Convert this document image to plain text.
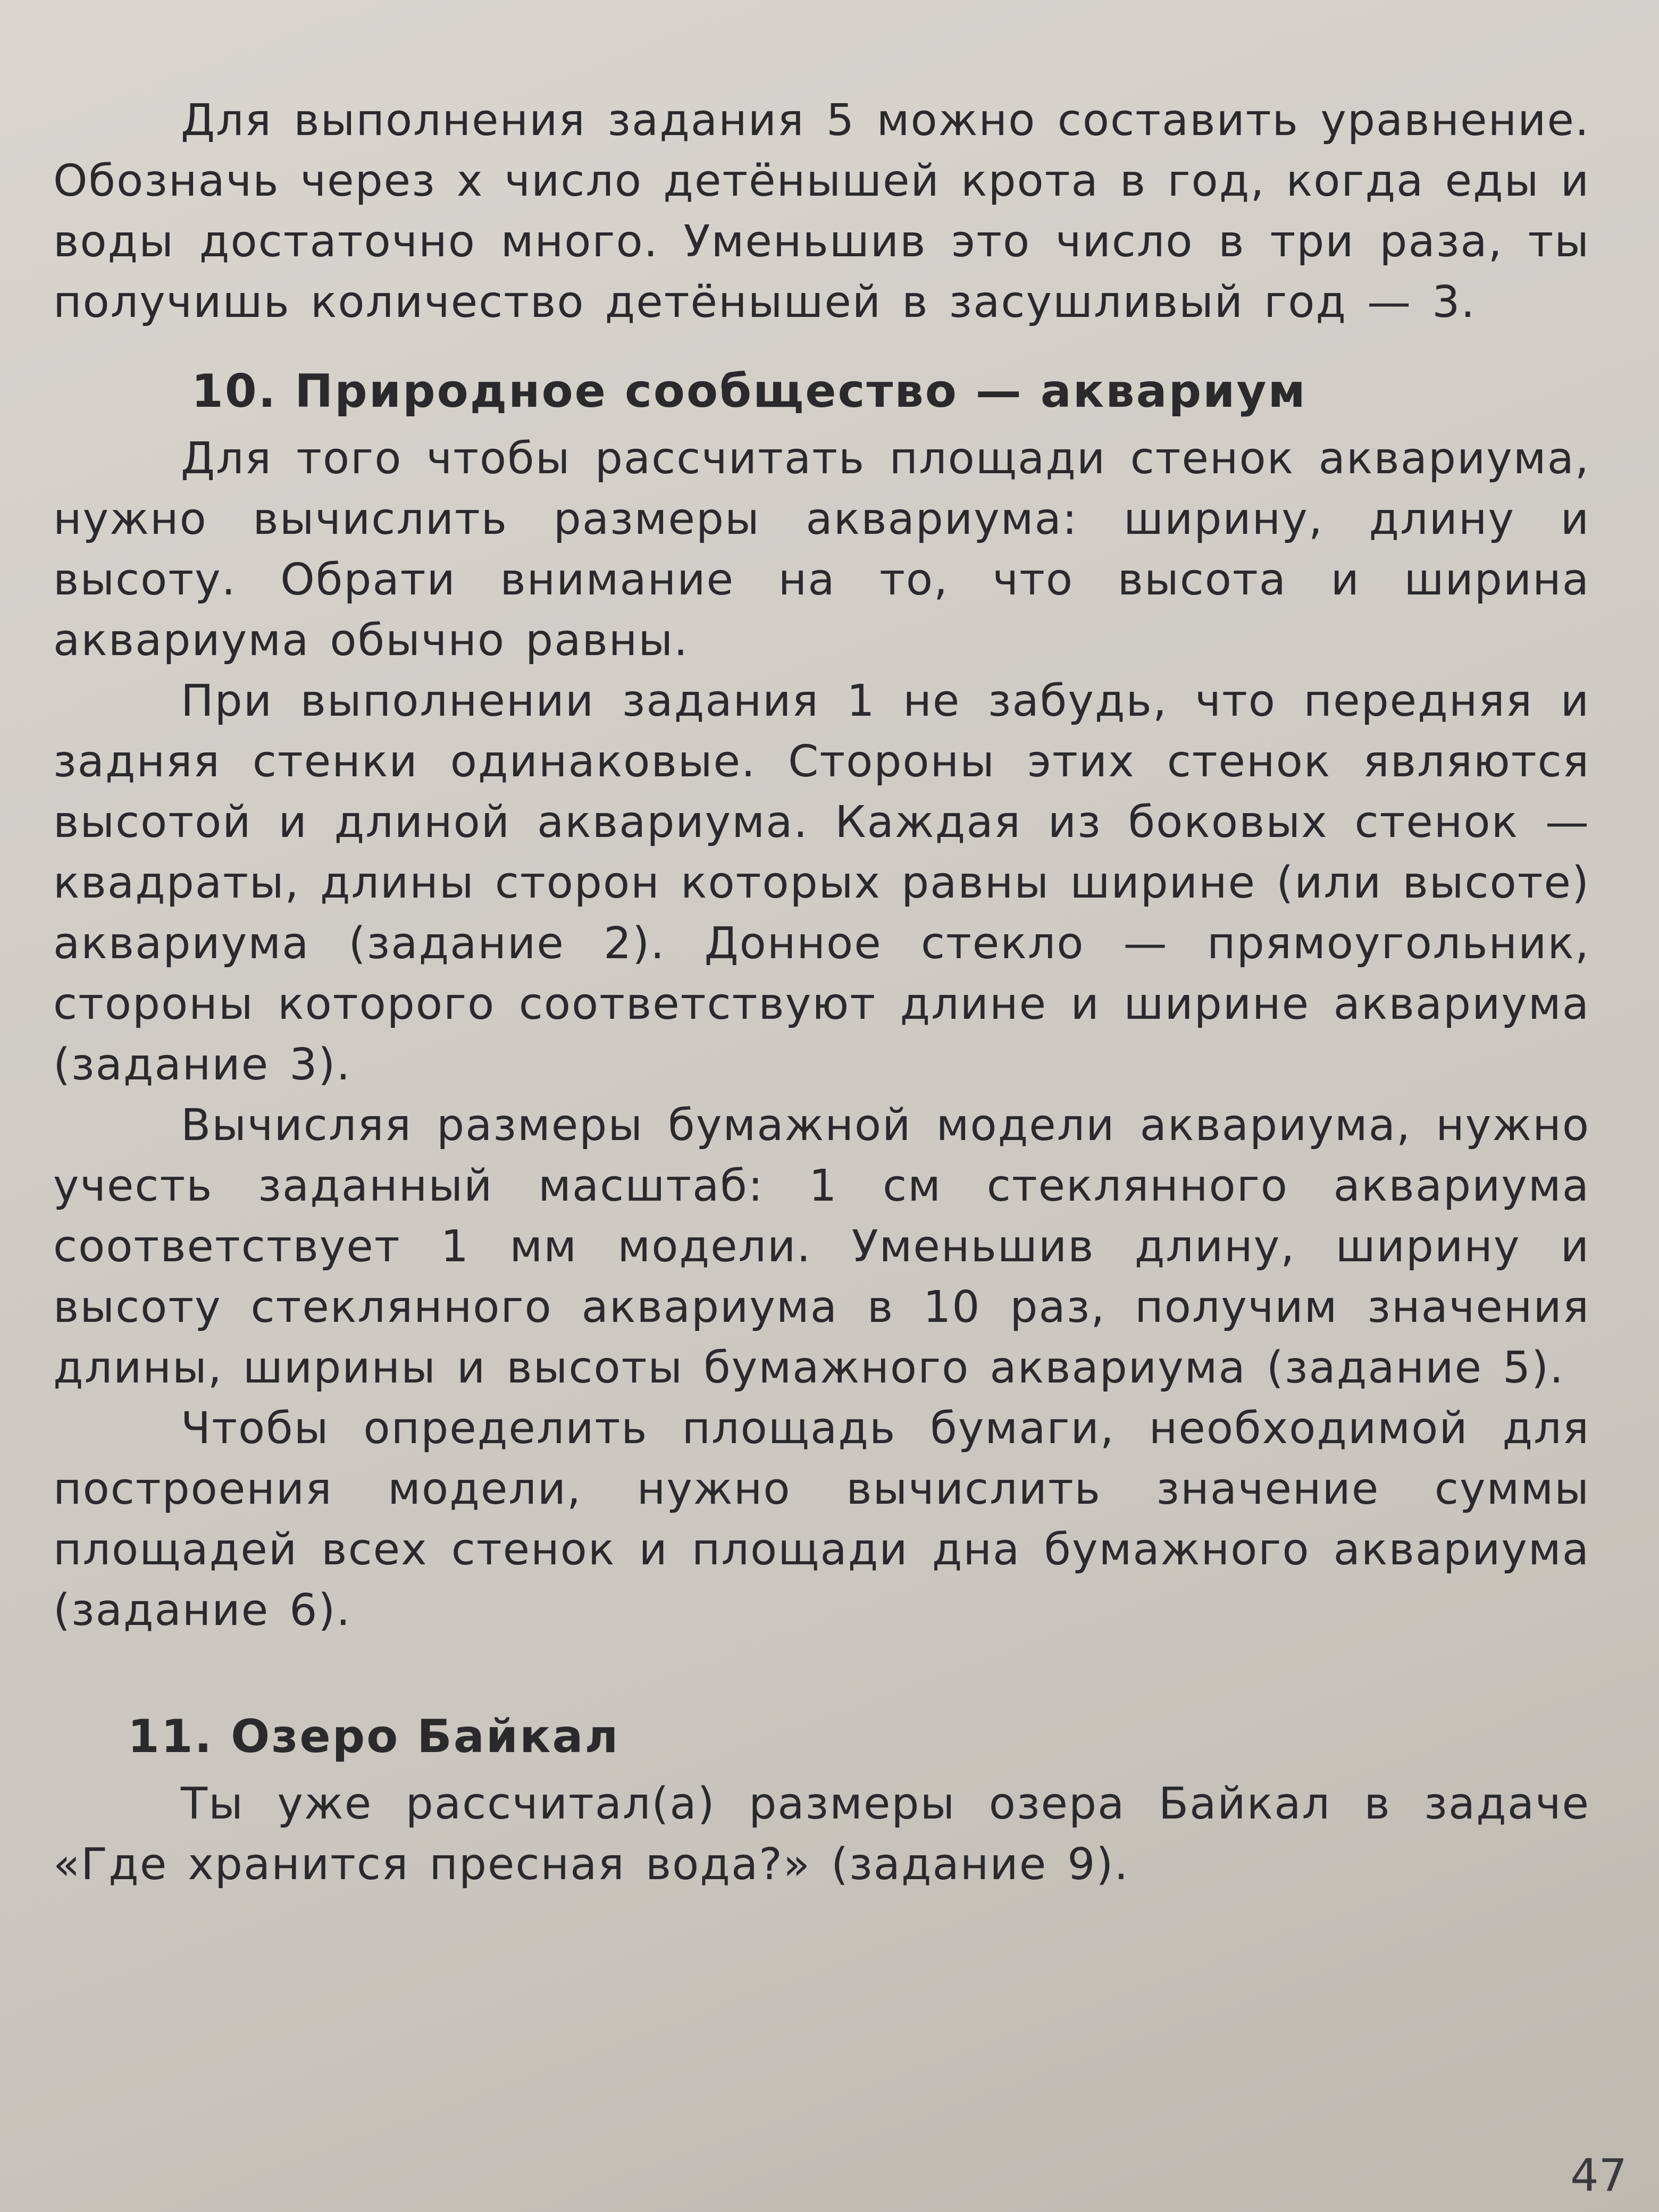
Для выполнения задания 5 можно составить уравнение. Обозначь через x число детёнышей крота в год, когда еды и воды достаточно много. Уменьшив это число в три раза, ты получишь количество детёнышей в засушливый год — 3.

10. Природное сообщество — аквариум

Для того чтобы рассчитать площади стенок аквариума, нужно вычислить размеры аквариума: ширину, длину и высоту. Обрати внимание на то, что высота и ширина аквариума обычно равны.

При выполнении задания 1 не забудь, что передняя и задняя стенки одинаковые. Стороны этих стенок являются высотой и длиной аквариума. Каждая из боковых стенок — квадраты, длины сторон которых равны ширине (или высоте) аквариума (задание 2). Донное стекло — прямоугольник, стороны которого соответствуют длине и ширине аквариума (задание 3).

Вычисляя размеры бумажной модели аквариума, нужно учесть заданный масштаб: 1 см стеклянного аквариума соответствует 1 мм модели. Уменьшив длину, ширину и высоту стеклянного аквариума в 10 раз, получим значения длины, ширины и высоты бумажного аквариума (задание 5).

Чтобы определить площадь бумаги, необходимой для построения модели, нужно вычислить значение суммы площадей всех стенок и площади дна бумажного аквариума (задание 6).

11. Озеро Байкал

Ты уже рассчитал(а) размеры озера Байкал в задаче «Где хранится пресная вода?» (задание 9).

47
